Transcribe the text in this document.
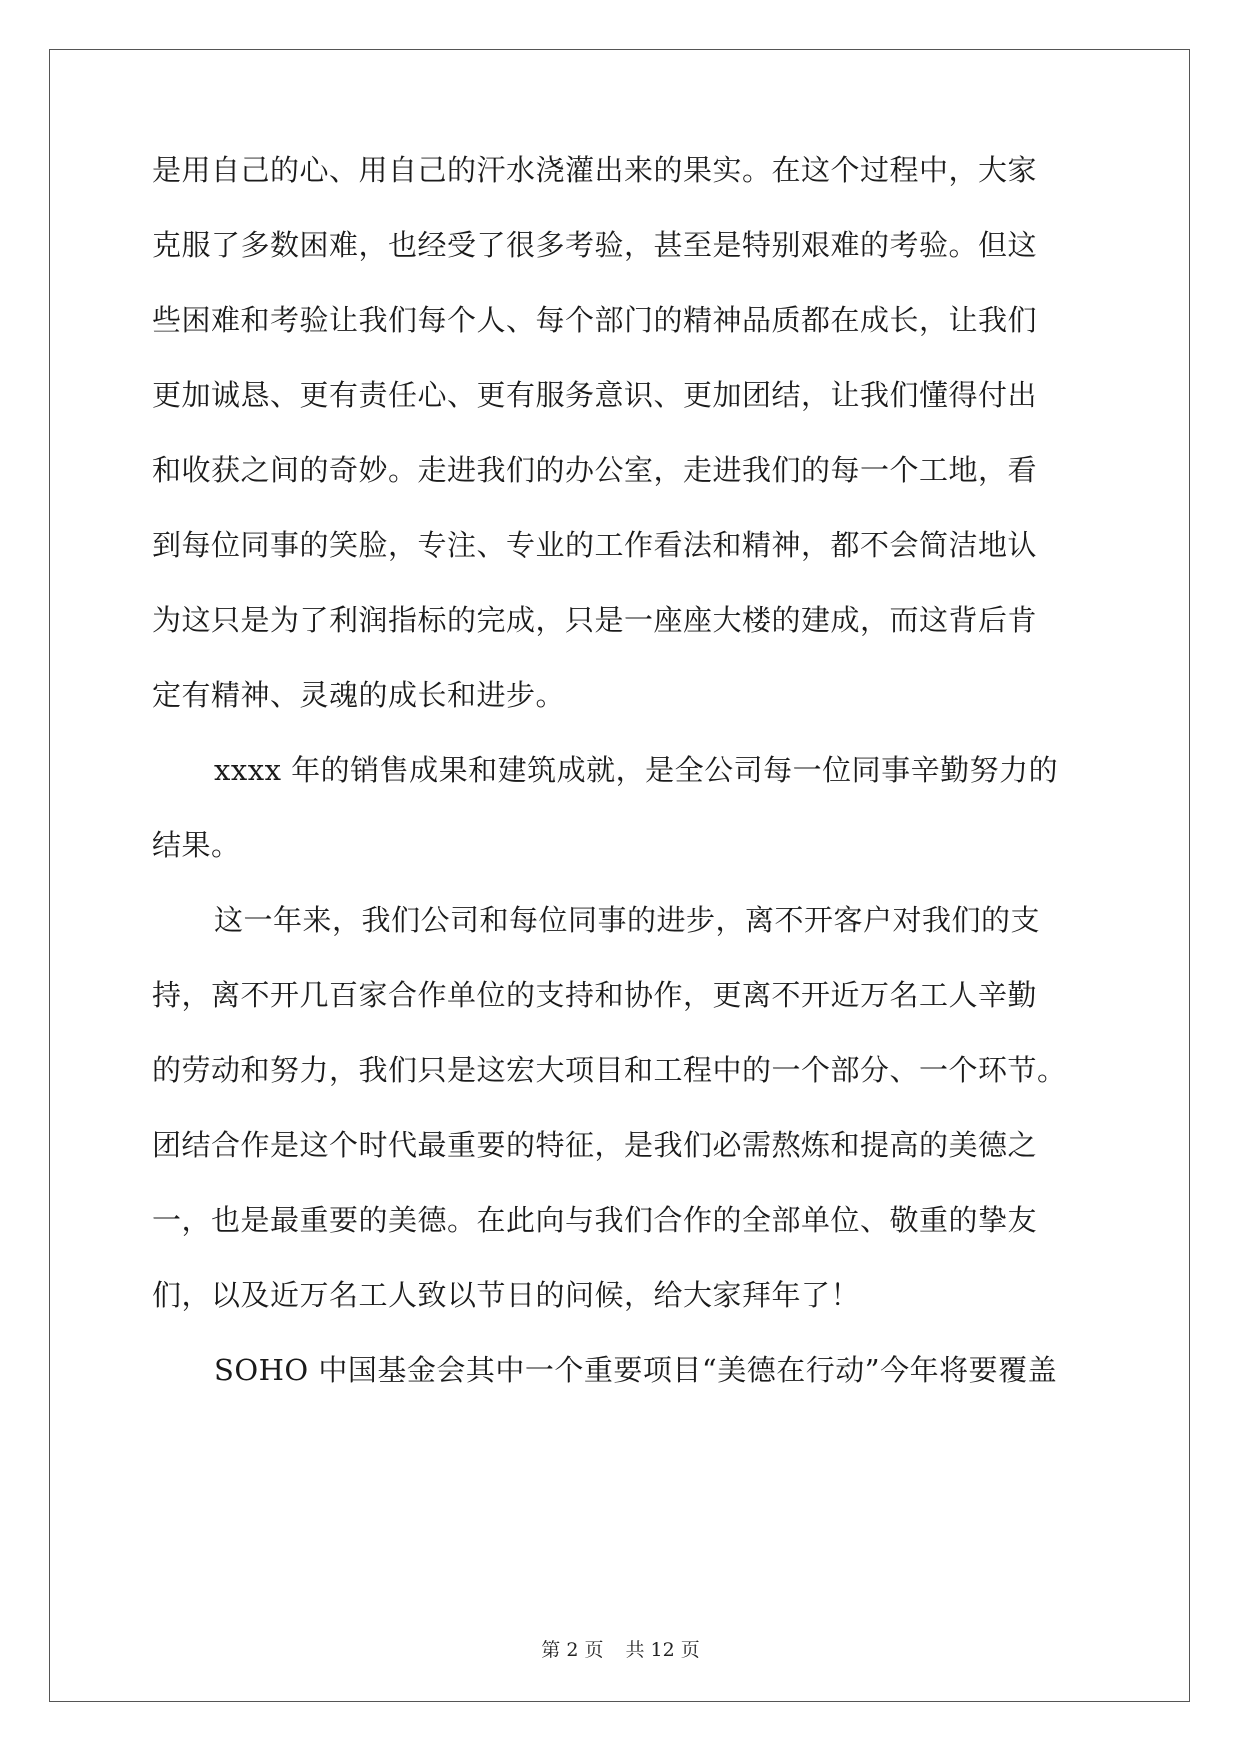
是用自己的心、用自己的汗水浇灌出来的果实。在这个过程中，大家
克服了多数困难，也经受了很多考验，甚至是特别艰难的考验。但这
些困难和考验让我们每个人、每个部门的精神品质都在成长，让我们
更加诚恳、更有责任心、更有服务意识、更加团结，让我们懂得付出
和收获之间的奇妙。走进我们的办公室，走进我们的每一个工地，看
到每位同事的笑脸，专注、专业的工作看法和精神，都不会简洁地认
为这只是为了利润指标的完成，只是一座座大楼的建成，而这背后肯
定有精神、灵魂的成长和进步。
xxxx 年的销售成果和建筑成就，是全公司每一位同事辛勤努力的
结果。
这一年来，我们公司和每位同事的进步，离不开客户对我们的支
持，离不开几百家合作单位的支持和协作，更离不开近万名工人辛勤
的劳动和努力，我们只是这宏大项目和工程中的一个部分、一个环节。
团结合作是这个时代最重要的特征，是我们必需熬炼和提高的美德之
一，也是最重要的美德。在此向与我们合作的全部单位、敬重的挚友
们，以及近万名工人致以节日的问候，给大家拜年了！
SOHO 中国基金会其中一个重要项目“美德在行动”今年将要覆盖
第 2 页 共 12 页
